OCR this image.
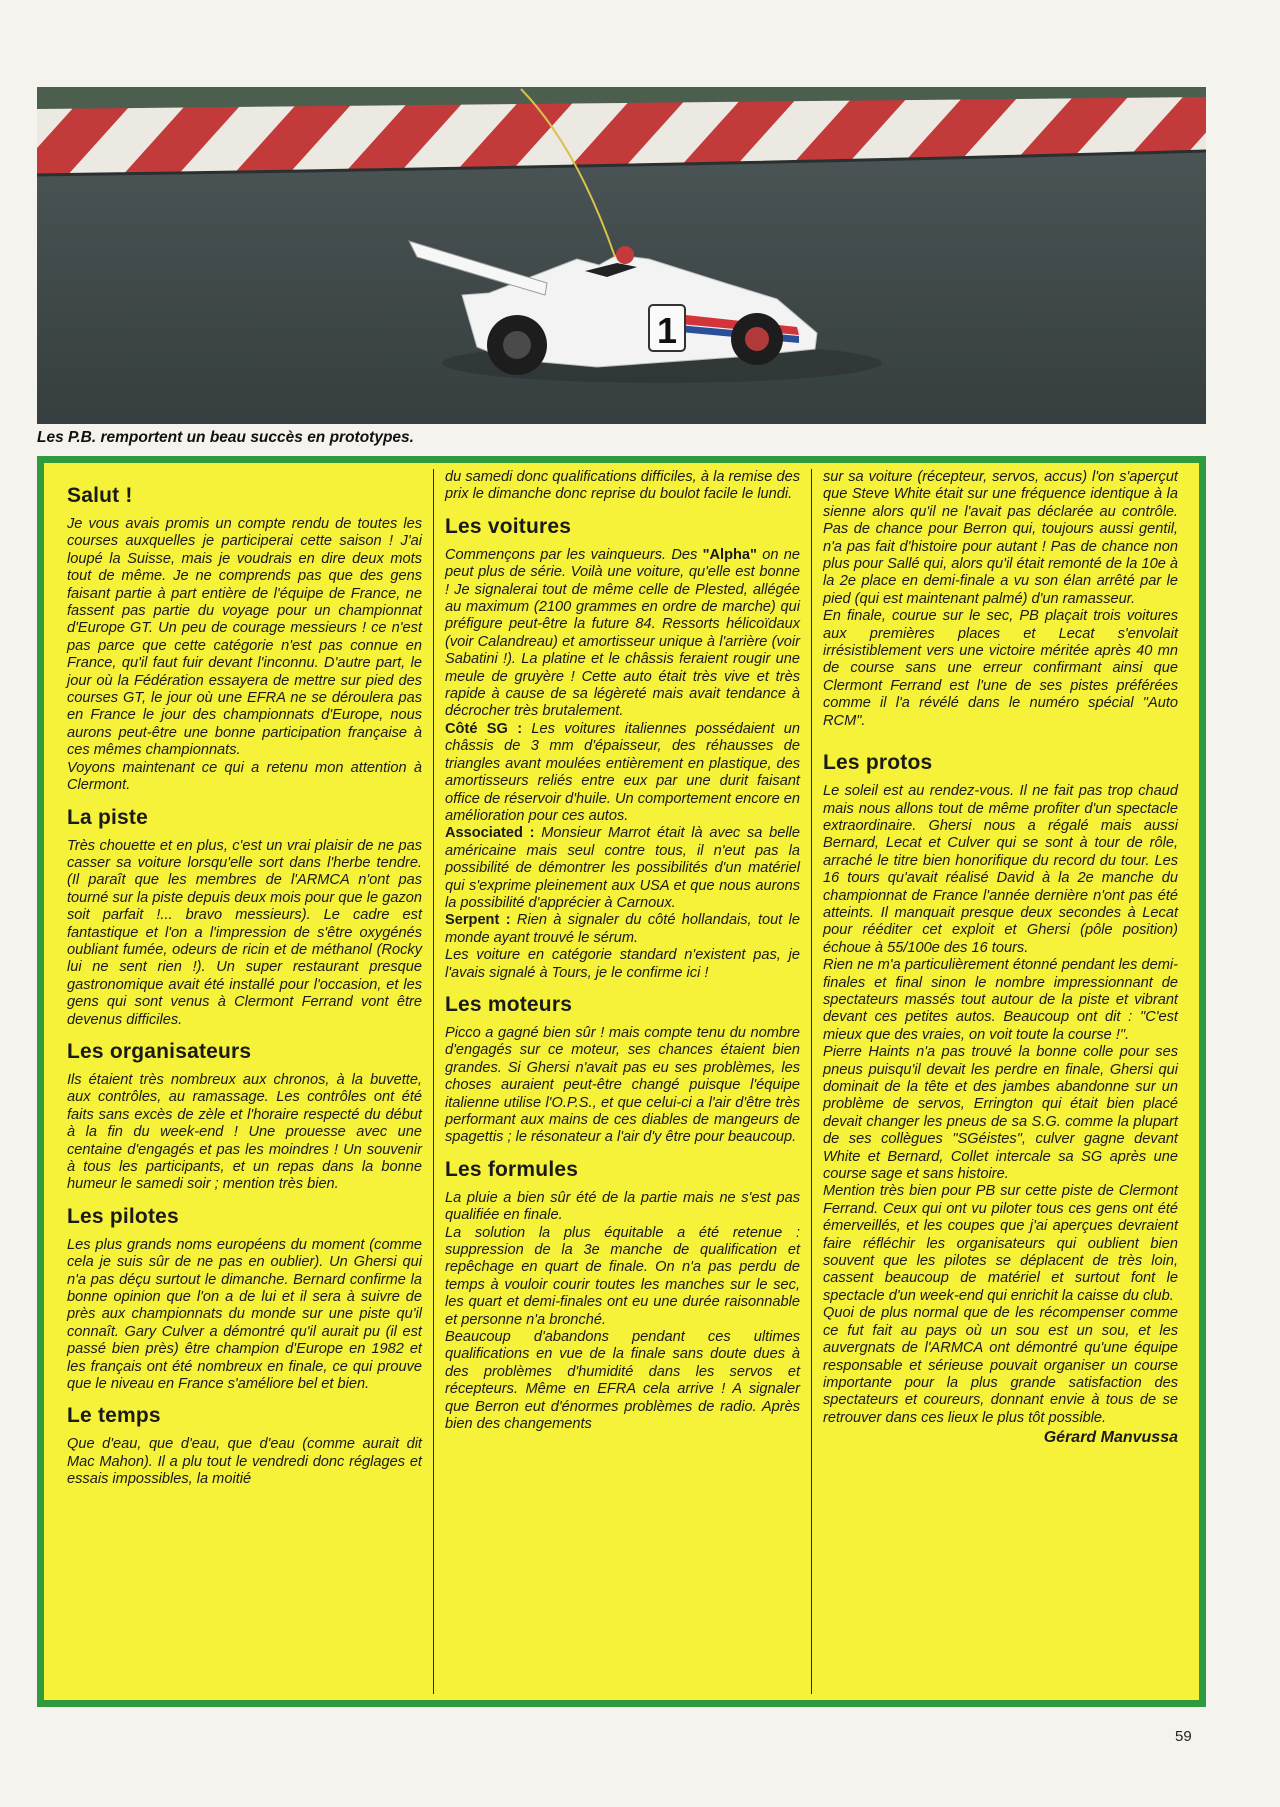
1
Les P.B. remportent un beau succès en prototypes.
Salut !

Je vous avais promis un compte rendu de toutes les courses auxquelles je participerai cette saison ! J'ai loupé la Suisse, mais je voudrais en dire deux mots tout de même. Je ne comprends pas que des gens faisant partie à part entière de l'équipe de France, ne fassent pas partie du voyage pour un championnat d'Europe GT. Un peu de courage messieurs ! ce n'est pas parce que cette catégorie n'est pas connue en France, qu'il faut fuir devant l'inconnu. D'autre part, le jour où la Fédération essayera de mettre sur pied des courses GT, le jour où une EFRA ne se déroulera pas en France le jour des championnats d'Europe, nous aurons peut-être une bonne participation française à ces mêmes championnats.

Voyons maintenant ce qui a retenu mon attention à Clermont.

La piste

Très chouette et en plus, c'est un vrai plaisir de ne pas casser sa voiture lorsqu'elle sort dans l'herbe tendre. (Il paraît que les membres de l'ARMCA n'ont pas tourné sur la piste depuis deux mois pour que le gazon soit parfait !... bravo messieurs). Le cadre est fantastique et l'on a l'impression de s'être oxygénés oubliant fumée, odeurs de ricin et de méthanol (Rocky lui ne sent rien !). Un super restaurant presque gastronomique avait été installé pour l'occasion, et les gens qui sont venus à Clermont Ferrand vont être devenus difficiles.

Les organisateurs

Ils étaient très nombreux aux chronos, à la buvette, aux contrôles, au ramassage. Les contrôles ont été faits sans excès de zèle et l'horaire respecté du début à la fin du week-end ! Une prouesse avec une centaine d'engagés et pas les moindres ! Un souvenir à tous les participants, et un repas dans la bonne humeur le samedi soir ; mention très bien.

Les pilotes

Les plus grands noms européens du moment (comme cela je suis sûr de ne pas en oublier). Un Ghersi qui n'a pas déçu surtout le dimanche. Bernard confirme la bonne opinion que l'on a de lui et il sera à suivre de près aux championnats du monde sur une piste qu'il connaît. Gary Culver a démontré qu'il aurait pu (il est passé bien près) être champion d'Europe en 1982 et les français ont été nombreux en finale, ce qui prouve que le niveau en France s'améliore bel et bien.

Le temps

Que d'eau, que d'eau, que d'eau (comme aurait dit Mac Mahon). Il a plu tout le vendredi donc réglages et essais impossibles, la moitié

du samedi donc qualifications difficiles, à la remise des prix le dimanche donc reprise du boulot facile le lundi.

Les voitures

Commençons par les vainqueurs. Des "Alpha" on ne peut plus de série. Voilà une voiture, qu'elle est bonne ! Je signalerai tout de même celle de Plested, allégée au maximum (2100 grammes en ordre de marche) qui préfigure peut-être la future 84. Ressorts hélicoïdaux (voir Calandreau) et amortisseur unique à l'arrière (voir Sabatini !). La platine et le châssis feraient rougir une meule de gruyère ! Cette auto était très vive et très rapide à cause de sa légèreté mais avait tendance à décrocher très brutalement.

Côté SG : Les voitures italiennes possédaient un châssis de 3 mm d'épaisseur, des réhausses de triangles avant moulées entièrement en plastique, des amortisseurs reliés entre eux par une durit faisant office de réservoir d'huile. Un comportement encore en amélioration pour ces autos.

Associated : Monsieur Marrot était là avec sa belle américaine mais seul contre tous, il n'eut pas la possibilité de démontrer les possibilités d'un matériel qui s'exprime pleinement aux USA et que nous aurons la possibilité d'apprécier à Carnoux.

Serpent : Rien à signaler du côté hollandais, tout le monde ayant trouvé le sérum.

Les voiture en catégorie standard n'existent pas, je l'avais signalé à Tours, je le confirme ici !

Les moteurs

Picco a gagné bien sûr ! mais compte tenu du nombre d'engagés sur ce moteur, ses chances étaient bien grandes. Si Ghersi n'avait pas eu ses problèmes, les choses auraient peut-être changé puisque l'équipe italienne utilise l'O.P.S., et que celui-ci a l'air d'être très performant aux mains de ces diables de mangeurs de spagettis ; le résonateur a l'air d'y être pour beaucoup.

Les formules

La pluie a bien sûr été de la partie mais ne s'est pas qualifiée en finale.

La solution la plus équitable a été retenue : suppression de la 3e manche de qualification et repêchage en quart de finale. On n'a pas perdu de temps à vouloir courir toutes les manches sur le sec, les quart et demi-finales ont eu une durée raisonnable et personne n'a bronché.

Beaucoup d'abandons pendant ces ultimes qualifications en vue de la finale sans doute dues à des problèmes d'humidité dans les servos et récepteurs. Même en EFRA cela arrive ! A signaler que Berron eut d'énormes problèmes de radio. Après bien des changements

sur sa voiture (récepteur, servos, accus) l'on s'aperçut que Steve White était sur une fréquence identique à la sienne alors qu'il ne l'avait pas déclarée au contrôle. Pas de chance pour Berron qui, toujours aussi gentil, n'a pas fait d'histoire pour autant ! Pas de chance non plus pour Sallé qui, alors qu'il était remonté de la 10e à la 2e place en demi-finale a vu son élan arrêté par le pied (qui est maintenant palmé) d'un ramasseur.

En finale, courue sur le sec, PB plaçait trois voitures aux premières places et Lecat s'envolait irrésistiblement vers une victoire méritée après 40 mn de course sans une erreur confirmant ainsi que Clermont Ferrand est l'une de ses pistes préférées comme il l'a révélé dans le numéro spécial "Auto RCM".

Les protos

Le soleil est au rendez-vous. Il ne fait pas trop chaud mais nous allons tout de même profiter d'un spectacle extraordinaire. Ghersi nous a régalé mais aussi Bernard, Lecat et Culver qui se sont à tour de rôle, arraché le titre bien honorifique du record du tour. Les 16 tours qu'avait réalisé David à la 2e manche du championnat de France l'année dernière n'ont pas été atteints. Il manquait presque deux secondes à Lecat pour rééditer cet exploit et Ghersi (pôle position) échoue à 55/100e des 16 tours.

Rien ne m'a particulièrement étonné pendant les demi-finales et final sinon le nombre impressionnant de spectateurs massés tout autour de la piste et vibrant devant ces petites autos. Beaucoup ont dit : "C'est mieux que des vraies, on voit toute la course !".

Pierre Haints n'a pas trouvé la bonne colle pour ses pneus puisqu'il devait les perdre en finale, Ghersi qui dominait de la tête et des jambes abandonne sur un problème de servos, Errington qui était bien placé devait changer les pneus de sa S.G. comme la plupart de ses collègues "SGéistes", culver gagne devant White et Bernard, Collet intercale sa SG après une course sage et sans histoire.

Mention très bien pour PB sur cette piste de Clermont Ferrand. Ceux qui ont vu piloter tous ces gens ont été émerveillés, et les coupes que j'ai aperçues devraient faire réfléchir les organisateurs qui oublient bien souvent que les pilotes se déplacent de très loin, cassent beaucoup de matériel et surtout font le spectacle d'un week-end qui enrichit la caisse du club.

Quoi de plus normal que de les récompenser comme ce fut fait au pays où un sou est un sou, et les auvergnats de l'ARMCA ont démontré qu'une équipe responsable et sérieuse pouvait organiser un course importante pour la plus grande satisfaction des spectateurs et coureurs, donnant envie à tous de se retrouver dans ces lieux le plus tôt possible.

Gérard Manvussa
59
